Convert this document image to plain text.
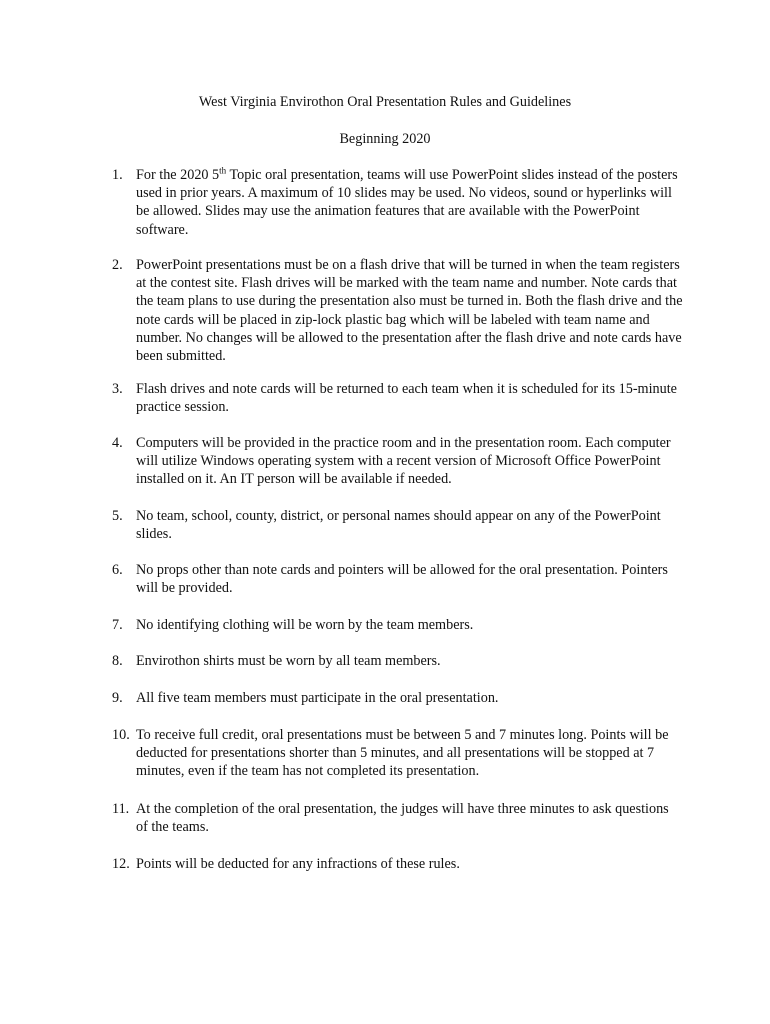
West Virginia Envirothon Oral Presentation Rules and Guidelines
Beginning 2020
1. For the 2020 5th Topic oral presentation, teams will use PowerPoint slides instead of the posters used in prior years. A maximum of 10 slides may be used. No videos, sound or hyperlinks will be allowed. Slides may use the animation features that are available with the PowerPoint software.
2. PowerPoint presentations must be on a flash drive that will be turned in when the team registers at the contest site. Flash drives will be marked with the team name and number. Note cards that the team plans to use during the presentation also must be turned in. Both the flash drive and the note cards will be placed in zip-lock plastic bag which will be labeled with team name and number. No changes will be allowed to the presentation after the flash drive and note cards have been submitted.
3. Flash drives and note cards will be returned to each team when it is scheduled for its 15-minute practice session.
4. Computers will be provided in the practice room and in the presentation room. Each computer will utilize Windows operating system with a recent version of Microsoft Office PowerPoint installed on it. An IT person will be available if needed.
5. No team, school, county, district, or personal names should appear on any of the PowerPoint slides.
6. No props other than note cards and pointers will be allowed for the oral presentation. Pointers will be provided.
7. No identifying clothing will be worn by the team members.
8. Envirothon shirts must be worn by all team members.
9. All five team members must participate in the oral presentation.
10. To receive full credit, oral presentations must be between 5 and 7 minutes long. Points will be deducted for presentations shorter than 5 minutes, and all presentations will be stopped at 7 minutes, even if the team has not completed its presentation.
11. At the completion of the oral presentation, the judges will have three minutes to ask questions of the teams.
12. Points will be deducted for any infractions of these rules.
